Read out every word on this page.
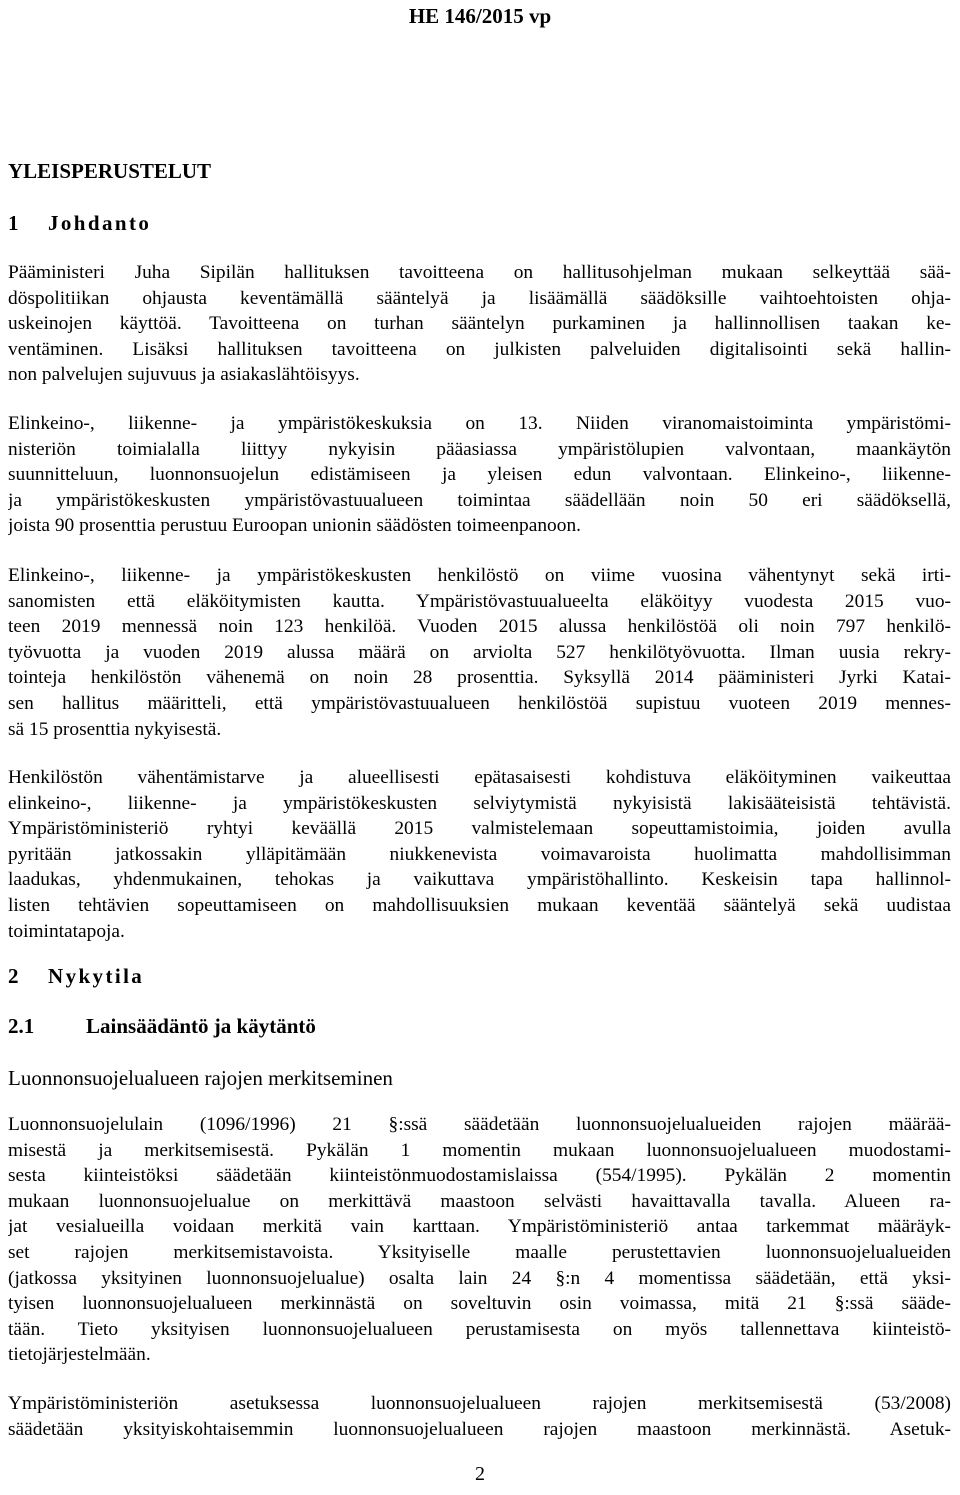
HE 146/2015 vp
YLEISPERUSTELUT
1 Johdanto
Pääministeri Juha Sipilän hallituksen tavoitteena on hallitusohjelman mukaan selkeyttää sää-
döspolitiikan ohjausta keventämällä sääntelyä ja lisäämällä säädöksille vaihtoehtoisten ohja-
uskeinojen käyttöä. Tavoitteena on turhan sääntelyn purkaminen ja hallinnollisen taakan ke-
ventäminen. Lisäksi hallituksen tavoitteena on julkisten palveluiden digitalisointi sekä hallin-
non palvelujen sujuvuus ja asiakaslähtöisyys.
Elinkeino-, liikenne- ja ympäristökeskuksia on 13. Niiden viranomaistoiminta ympäristömi-
nisteriön toimialalla liittyy nykyisin pääasiassa ympäristölupien valvontaan, maankäytön
suunnitteluun, luonnonsuojelun edistämiseen ja yleisen edun valvontaan. Elinkeino-, liikenne-
ja ympäristökeskusten ympäristövastuualueen toimintaa säädellään noin 50 eri säädöksellä,
joista 90 prosenttia perustuu Euroopan unionin säädösten toimeenpanoon.
Elinkeino-, liikenne- ja ympäristökeskusten henkilöstö on viime vuosina vähentynyt sekä irti-
sanomisten että eläköitymisten kautta. Ympäristövastuualueelta eläköityy vuodesta 2015 vuo-
teen 2019 mennessä noin 123 henkilöä. Vuoden 2015 alussa henkilöstöä oli noin 797 henkilö-
työvuotta ja vuoden 2019 alussa määrä on arviolta 527 henkilötyövuotta. Ilman uusia rekry-
tointeja henkilöstön vähenemä on noin 28 prosenttia. Syksyllä 2014 pääministeri Jyrki Katai-
sen hallitus määritteli, että ympäristövastuualueen henkilöstöä supistuu vuoteen 2019 mennes-
sä 15 prosenttia nykyisestä.
Henkilöstön vähentämistarve ja alueellisesti epätasaisesti kohdistuva eläköityminen vaikeuttaa
elinkeino-, liikenne- ja ympäristökeskusten selviytymistä nykyisistä lakisääteisistä tehtävistä.
Ympäristöministeriö ryhtyi keväällä 2015 valmistelemaan sopeuttamistoimia, joiden avulla
pyritään jatkossakin ylläpitämään niukkenevista voimavaroista huolimatta mahdollisimman
laadukas, yhdenmukainen, tehokas ja vaikuttava ympäristöhallinto. Keskeisin tapa hallinnol-
listen tehtävien sopeuttamiseen on mahdollisuuksien mukaan keventää sääntelyä sekä uudistaa
toimintatapoja.
2 Nykytila
2.1 Lainsäädäntö ja käytäntö
Luonnonsuojelualueen rajojen merkitseminen
Luonnonsuojelulain (1096/1996) 21 §:ssä säädetään luonnonsuojelualueiden rajojen määrää-
misestä ja merkitsemisestä. Pykälän 1 momentin mukaan luonnonsuojelualueen muodostami-
sesta kiinteistöksi säädetään kiinteistönmuodostamislaissa (554/1995). Pykälän 2 momentin
mukaan luonnonsuojelualue on merkittävä maastoon selvästi havaittavalla tavalla. Alueen ra-
jat vesialueilla voidaan merkitä vain karttaan. Ympäristöministeriö antaa tarkemmat määräyk-
set rajojen merkitsemistavoista. Yksityiselle maalle perustettavien luonnonsuojelualueiden
(jatkossa yksityinen luonnonsuojelualue) osalta lain 24 §:n 4 momentissa säädetään, että yksi-
tyisen luonnonsuojelualueen merkinnästä on soveltuvin osin voimassa, mitä 21 §:ssä sääde-
tään. Tieto yksityisen luonnonsuojelualueen perustamisesta on myös tallennettava kiinteistö-
tietojärjestelmään.
Ympäristöministeriön asetuksessa luonnonsuojelualueen rajojen merkitsemisestä (53/2008)
säädetään yksityiskohtaisemmin luonnonsuojelualueen rajojen maastoon merkinnästä. Asetuk-
2
